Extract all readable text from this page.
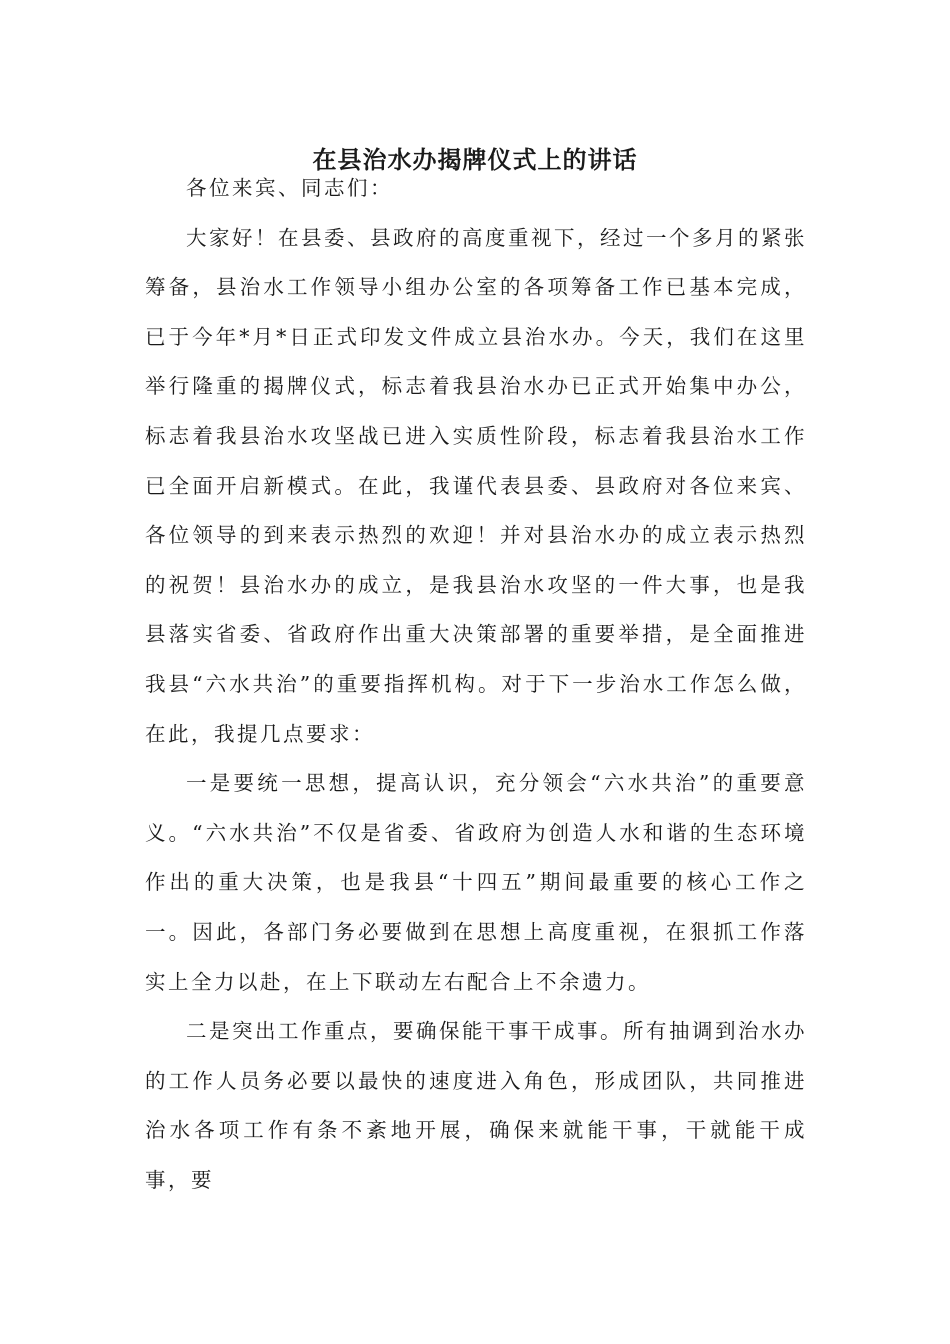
在县治水办揭牌仪式上的讲话

各位来宾、同志们：

大家好！在县委、县政府的高度重视下，经过一个多月的紧张筹备，县治水工作领导小组办公室的各项筹备工作已基本完成，已于今年*月*日正式印发文件成立县治水办。今天，我们在这里举行隆重的揭牌仪式，标志着我县治水办已正式开始集中办公，标志着我县治水攻坚战已进入实质性阶段，标志着我县治水工作已全面开启新模式。在此，我谨代表县委、县政府对各位来宾、各位领导的到来表示热烈的欢迎！并对县治水办的成立表示热烈的祝贺！县治水办的成立，是我县治水攻坚的一件大事，也是我县落实省委、省政府作出重大决策部署的重要举措，是全面推进我县“六水共治”的重要指挥机构。对于下一步治水工作怎么做，在此，我提几点要求：

一是要统一思想，提高认识，充分领会“六水共治”的重要意义。“六水共治”不仅是省委、省政府为创造人水和谐的生态环境作出的重大决策，也是我县“十四五”期间最重要的核心工作之一。因此，各部门务必要做到在思想上高度重视，在狠抓工作落实上全力以赴，在上下联动左右配合上不余遗力。

二是突出工作重点，要确保能干事干成事。所有抽调到治水办的工作人员务必要以最快的速度进入角色，形成团队，共同推进治水各项工作有条不紊地开展，确保来就能干事，干就能干成事，要
